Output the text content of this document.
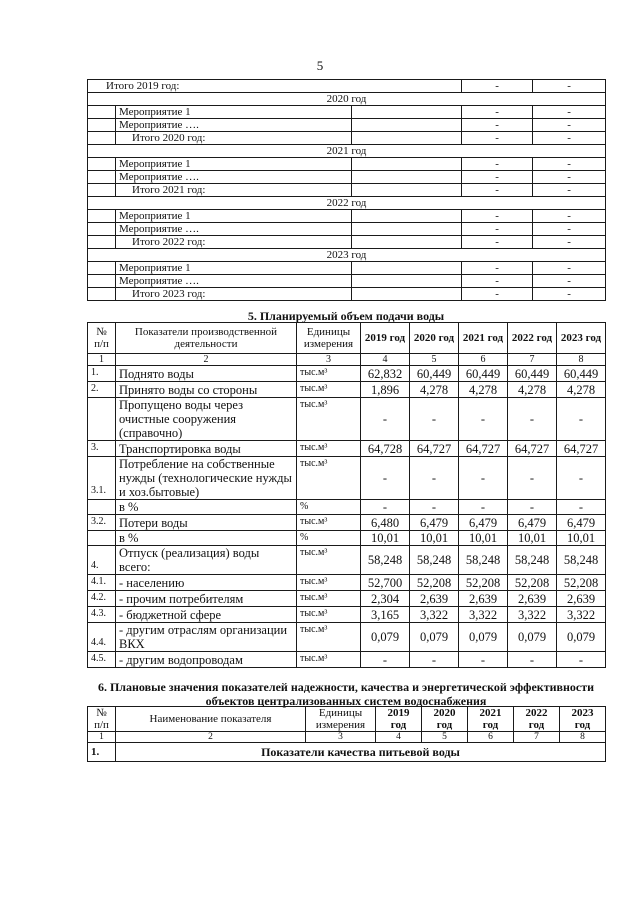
5
Итого 2019 год:			-	-
2020 год				
	Мероприятие 1		-	-
	Мероприятие ….		-	-
	Итого 2020 год:		-	-
2021 год				
	Мероприятие 1		-	-
	Мероприятие ….		-	-
	Итого 2021 год:		-	-
2022 год				
	Мероприятие 1		-	-
	Мероприятие ….		-	-
	Итого 2022 год:		-	-
2023 год				
	Мероприятие 1		-	-
	Мероприятие ….		-	-
	Итого 2023 год:		-	-
5. Планируемый объем подачи воды
№ п/п	Показатели производственной деятельности	Единицы измерения	2019 год	2020 год	2021 год	2022 год	2023 год
1	2	3	4	5	6	7	8
1.	Поднято воды	тыс.м³	62,832	60,449	60,449	60,449	60,449
2.	Принято воды со стороны	тыс.м³	1,896	4,278	4,278	4,278	4,278
	Пропущено воды через очистные сооружения (справочно)	тыс.м³	-	-	-	-	-
3.	Транспортировка воды	тыс.м³	64,728	64,727	64,727	64,727	64,727
3.1.	Потребление на собственные нужды (технологические нужды и хоз.бытовые)	тыс.м³	-	-	-	-	-
	в %	%	-	-	-	-	-
3.2.	Потери воды	тыс.м³	6,480	6,479	6,479	6,479	6,479
	в %	%	10,01	10,01	10,01	10,01	10,01
4.	Отпуск (реализация) воды всего:	тыс.м³	58,248	58,248	58,248	58,248	58,248
4.1.	- населению	тыс.м³	52,700	52,208	52,208	52,208	52,208
4.2.	- прочим потребителям	тыс.м³	2,304	2,639	2,639	2,639	2,639
4.3.	- бюджетной сфере	тыс.м³	3,165	3,322	3,322	3,322	3,322
4.4.	- другим отраслям организации ВКХ	тыс.м³	0,079	0,079	0,079	0,079	0,079
4.5.	- другим водопроводам	тыс.м³	-	-	-	-	-
6. Плановые значения показателей надежности, качества и энергетической эффективности объектов централизованных систем водоснабжения
№ п/п	Наименование показателя	Единицы измерения	2019 год	2020 год	2021 год	2022 год	2023 год
1	2	3	4	5	6	7	8
1.	Показатели качества питьевой воды						
